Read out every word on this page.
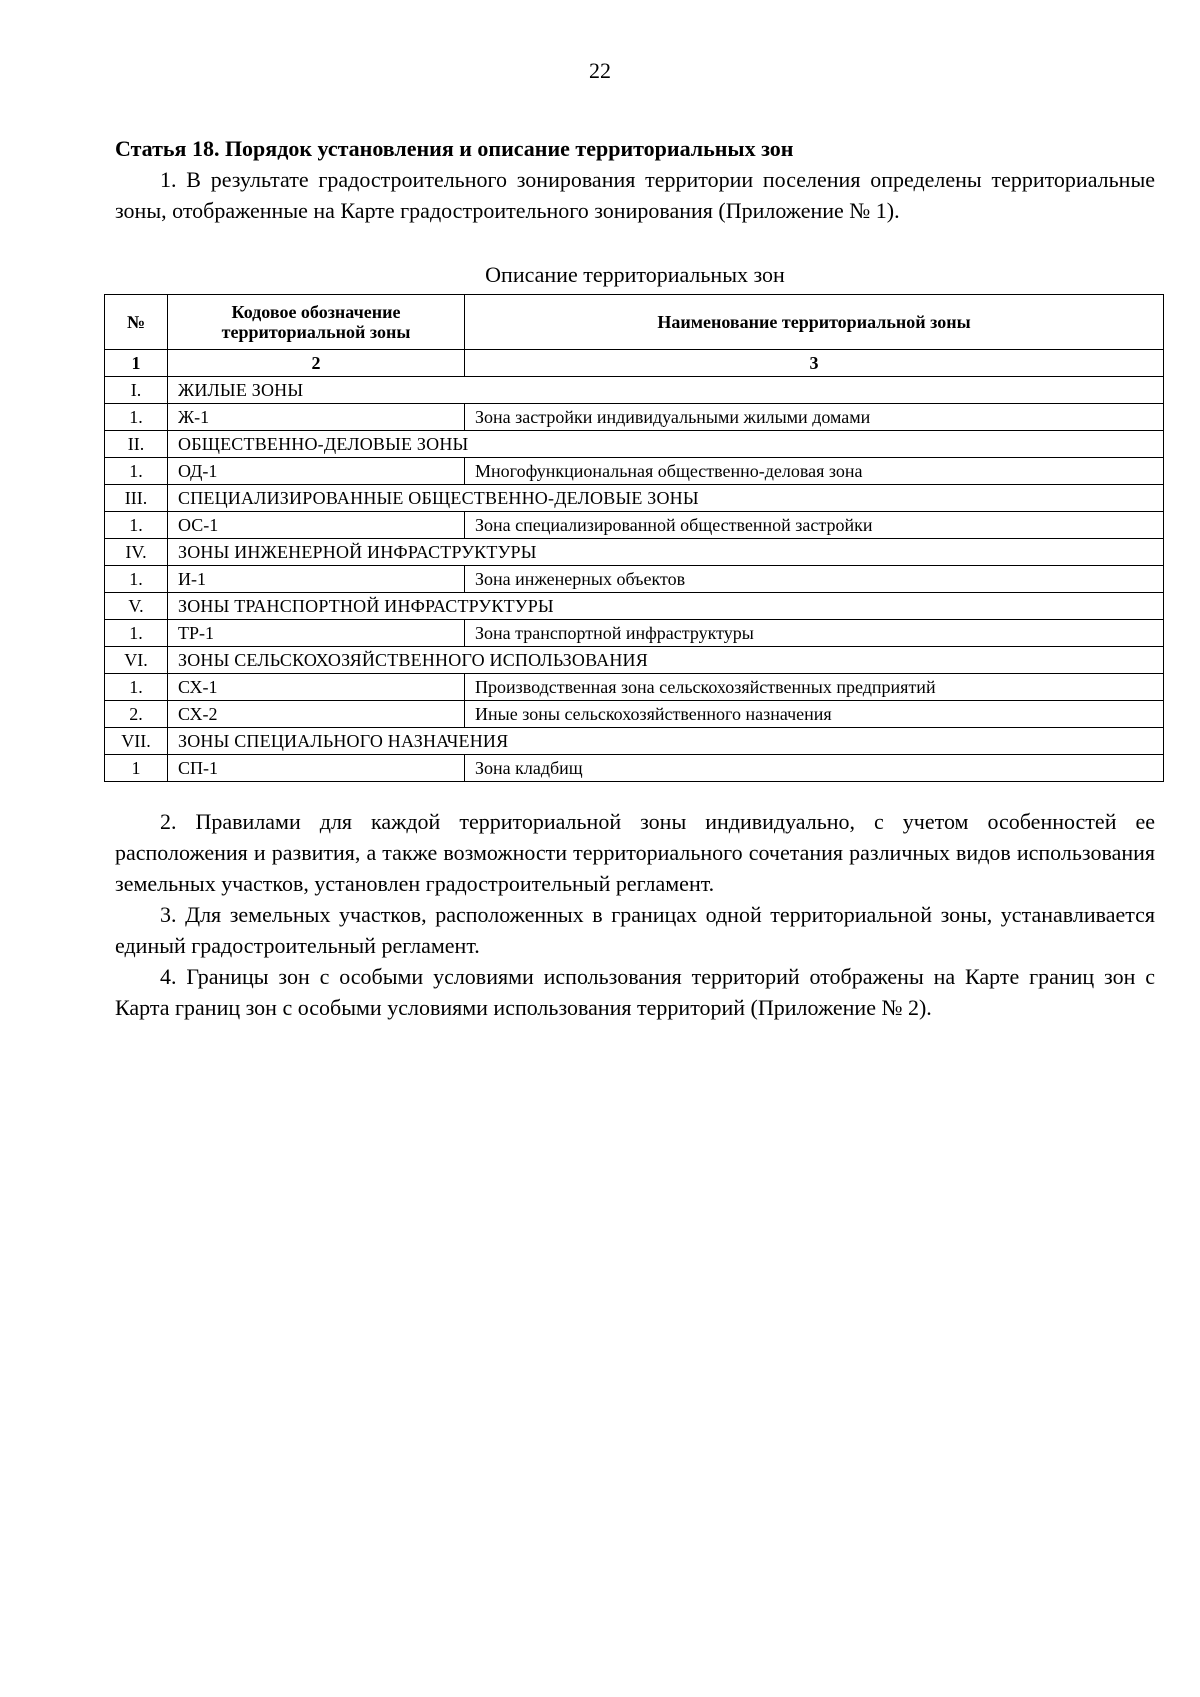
22
Статья 18. Порядок установления и описание территориальных зон

1. В результате градостроительного зонирования территории поселения определены территориальные зоны, отображенные на Карте градостроительного зонирования (Приложение № 1).

Описание территориальных зон
№	Кодовое обозначение территориальной зоны	Наименование территориальной зоны
1	2	3
I.	ЖИЛЫЕ ЗОНЫ	
1.	Ж-1	Зона застройки индивидуальными жилыми домами
II.	ОБЩЕСТВЕННО-ДЕЛОВЫЕ ЗОНЫ	
1.	ОД-1	Многофункциональная общественно-деловая зона
III.	СПЕЦИАЛИЗИРОВАННЫЕ ОБЩЕСТВЕННО-ДЕЛОВЫЕ ЗОНЫ	
1.	ОС-1	Зона специализированной общественной застройки
IV.	ЗОНЫ ИНЖЕНЕРНОЙ ИНФРАСТРУКТУРЫ	
1.	И-1	Зона инженерных объектов
V.	ЗОНЫ ТРАНСПОРТНОЙ ИНФРАСТРУКТУРЫ	
1.	ТР-1	Зона транспортной инфраструктуры
VI.	ЗОНЫ СЕЛЬСКОХОЗЯЙСТВЕННОГО ИСПОЛЬЗОВАНИЯ	
1.	СХ-1	Производственная зона сельскохозяйственных предприятий
2.	СХ-2	Иные зоны сельскохозяйственного назначения
VII.	ЗОНЫ СПЕЦИАЛЬНОГО НАЗНАЧЕНИЯ	
1	СП-1	Зона кладбищ

2. Правилами для каждой территориальной зоны индивидуально, с учетом особенностей ее расположения и развития, а также возможности территориального сочетания различных видов использования земельных участков, установлен градостроительный регламент.

3. Для земельных участков, расположенных в границах одной территориальной зоны, устанавливается единый градостроительный регламент.

4. Границы зон с особыми условиями использования территорий отображены на Карте границ зон с Карта границ зон с особыми условиями использования территорий (Приложение № 2).
